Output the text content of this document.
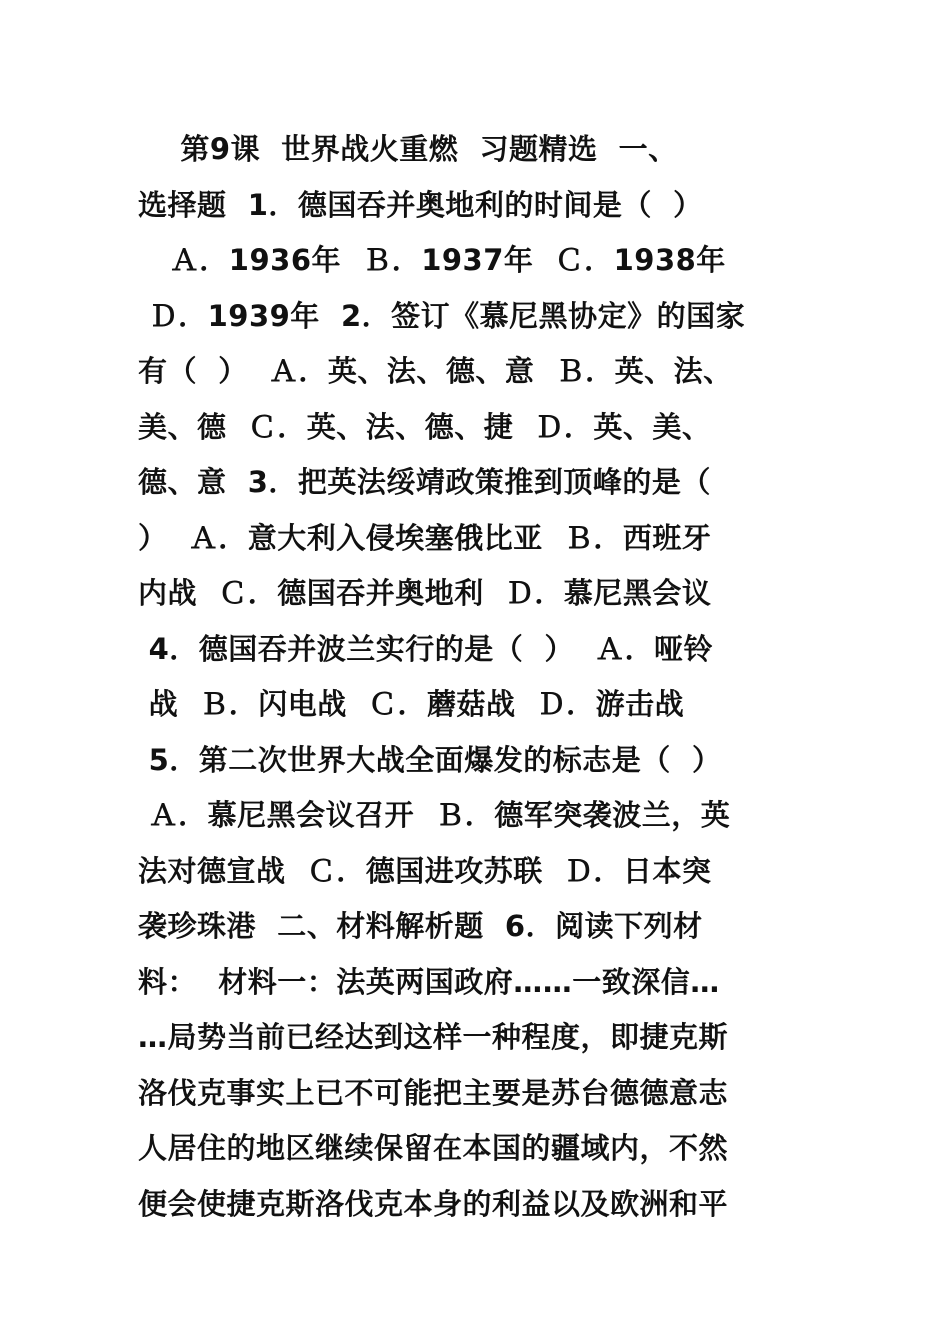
第9课  世界战火重燃  习题精选  一、
选择题  1．德国吞并奥地利的时间是（  ）
Ａ．1936年  Ｂ．1937年  Ｃ．1938年
Ｄ．1939年  2．签订《慕尼黑协定》的国家
有（  ）  Ａ．英、法、德、意  Ｂ．英、法、
美、德  Ｃ．英、法、德、捷  Ｄ．英、美、
德、意  3．把英法绥靖政策推到顶峰的是（
）  Ａ．意大利入侵埃塞俄比亚  Ｂ．西班牙
内战  Ｃ．德国吞并奥地利  Ｄ．慕尼黑会议
4．德国吞并波兰实行的是（  ）  Ａ．哑铃
战  Ｂ．闪电战  Ｃ．蘑菇战  Ｄ．游击战
5．第二次世界大战全面爆发的标志是（  ）
Ａ．慕尼黑会议召开  Ｂ．德军突袭波兰，英
法对德宣战  Ｃ．德国进攻苏联  Ｄ．日本突
袭珍珠港  二、材料解析题  6．阅读下列材
料：  材料一：法英两国政府……一致深信…
…局势当前已经达到这样一种程度，即捷克斯
洛伐克事实上已不可能把主要是苏台德德意志
人居住的地区继续保留在本国的疆域内，不然
便会使捷克斯洛伐克本身的利益以及欧洲和平
